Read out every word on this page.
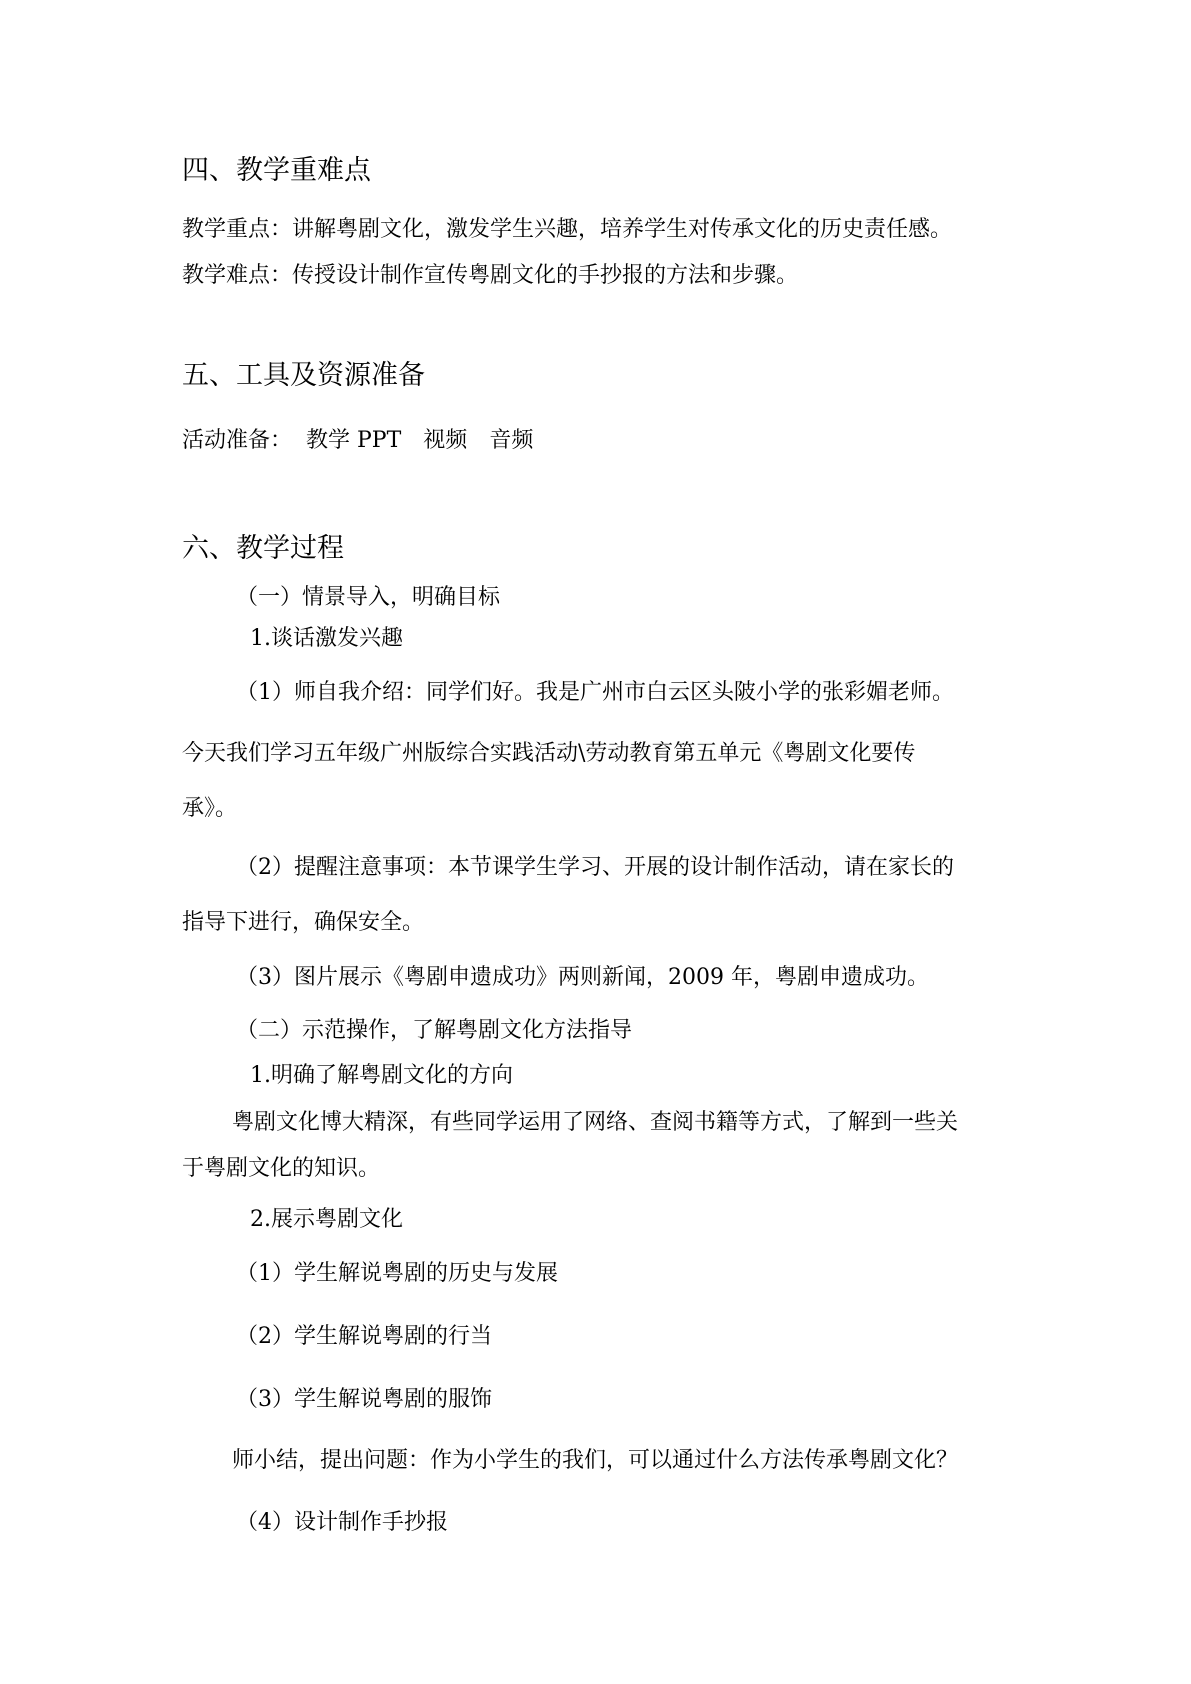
四、教学重难点
教学重点：讲解粤剧文化，激发学生兴趣，培养学生对传承文化的历史责任感。
教学难点：传授设计制作宣传粤剧文化的手抄报的方法和步骤。
五、工具及资源准备
活动准备： 教学 PPT 视频 音频
六、教学过程
（一）情景导入，明确目标
1.谈话激发兴趣
（1）师自我介绍：同学们好。我是广州市白云区头陂小学的张彩媚老师。
今天我们学习五年级广州版综合实践活动\劳动教育第五单元《粤剧文化要传
承》。
（2）提醒注意事项：本节课学生学习、开展的设计制作活动，请在家长的
指导下进行，确保安全。
（3）图片展示《粤剧申遗成功》两则新闻，2009 年，粤剧申遗成功。
（二）示范操作，了解粤剧文化方法指导
1.明确了解粤剧文化的方向
粤剧文化博大精深，有些同学运用了网络、查阅书籍等方式，了解到一些关
于粤剧文化的知识。
2.展示粤剧文化
（1）学生解说粤剧的历史与发展
（2）学生解说粤剧的行当
（3）学生解说粤剧的服饰
师小结，提出问题：作为小学生的我们，可以通过什么方法传承粤剧文化？
（4）设计制作手抄报
